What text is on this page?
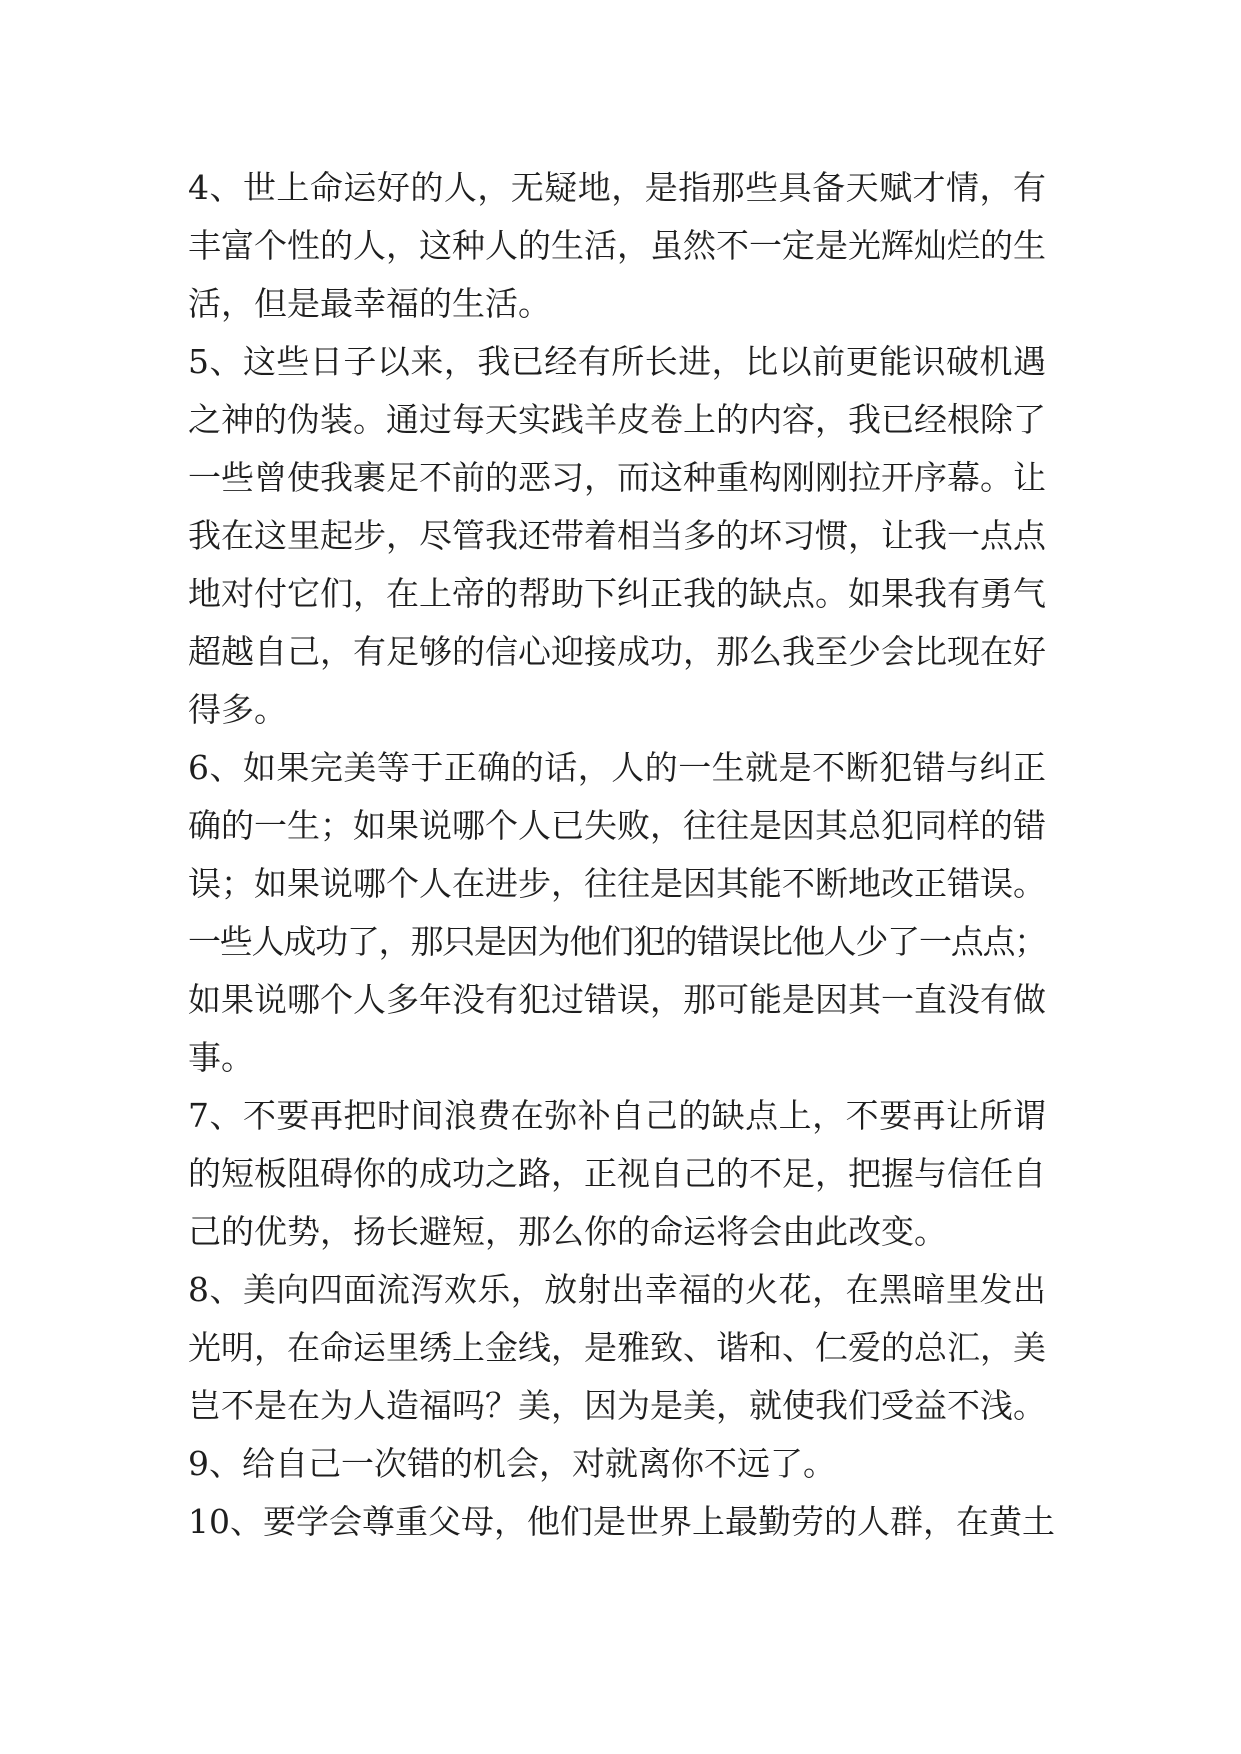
4、世上命运好的人，无疑地，是指那些具备天赋才情，有
丰富个性的人，这种人的生活，虽然不一定是光辉灿烂的生
活，但是最幸福的生活。
5、这些日子以来，我已经有所长进，比以前更能识破机遇
之神的伪装。通过每天实践羊皮卷上的内容，我已经根除了
一些曾使我裹足不前的恶习，而这种重构刚刚拉开序幕。让
我在这里起步，尽管我还带着相当多的坏习惯，让我一点点
地对付它们，在上帝的帮助下纠正我的缺点。如果我有勇气
超越自己，有足够的信心迎接成功，那么我至少会比现在好
得多。
6、如果完美等于正确的话，人的一生就是不断犯错与纠正
确的一生；如果说哪个人已失败，往往是因其总犯同样的错
误；如果说哪个人在进步，往往是因其能不断地改正错误。
一些人成功了，那只是因为他们犯的错误比他人少了一点点；
如果说哪个人多年没有犯过错误，那可能是因其一直没有做
事。
7、不要再把时间浪费在弥补自己的缺点上，不要再让所谓
的短板阻碍你的成功之路，正视自己的不足，把握与信任自
己的优势，扬长避短，那么你的命运将会由此改变。
8、美向四面流泻欢乐，放射出幸福的火花，在黑暗里发出
光明，在命运里绣上金线，是雅致、谐和、仁爱的总汇，美
岂不是在为人造福吗？美，因为是美，就使我们受益不浅。
9、给自己一次错的机会，对就离你不远了。
10、要学会尊重父母，他们是世界上最勤劳的人群，在黄土
